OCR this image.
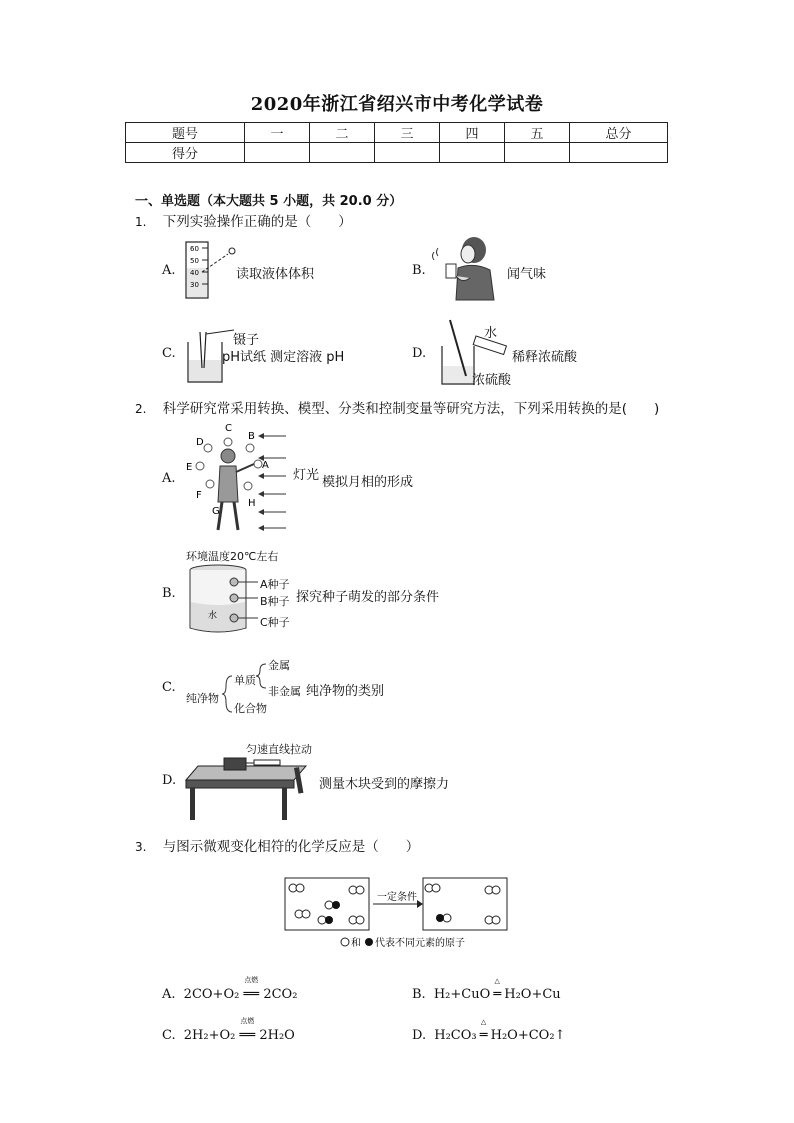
2020年浙江省绍兴市中考化学试卷
题号	一	二	三	四	五	总分
得分						
一、单选题（本大题共 5 小题，共 20.0 分）
1. 下列实验操作正确的是（　　）
A.
60
50
40
30
读取液体体积	B.	闻气味
C.
镊子
pH试纸 测定溶液 pH	D.
水
浓硫酸
稀释浓硫酸
2. 科学研究常采用转换、模型、分类和控制变量等研究方法，下列采用转换的是(　　)
A.
C
B
D
A
E
F
H
G
灯光 模拟月相的形成
环境温度20℃左右
B.
水
A种子
B种子
C种子
探究种子萌发的部分条件
C.
纯净物
单质
金属
非金属
化合物
纯净物的类别
匀速直线拉动
D.	测量木块受到的摩擦力
3. 与图示微观变化相符的化学反应是（　　）
一定条件
和 代表不同元素的原子
A. 2CO+O₂
点燃
══ 2CO₂	B. H₂+CuO
△
═ H₂O+Cu
C. 2H₂+O₂
点燃
══ 2H₂O	D. H₂CO₃
△
═ H₂O+CO₂↑
